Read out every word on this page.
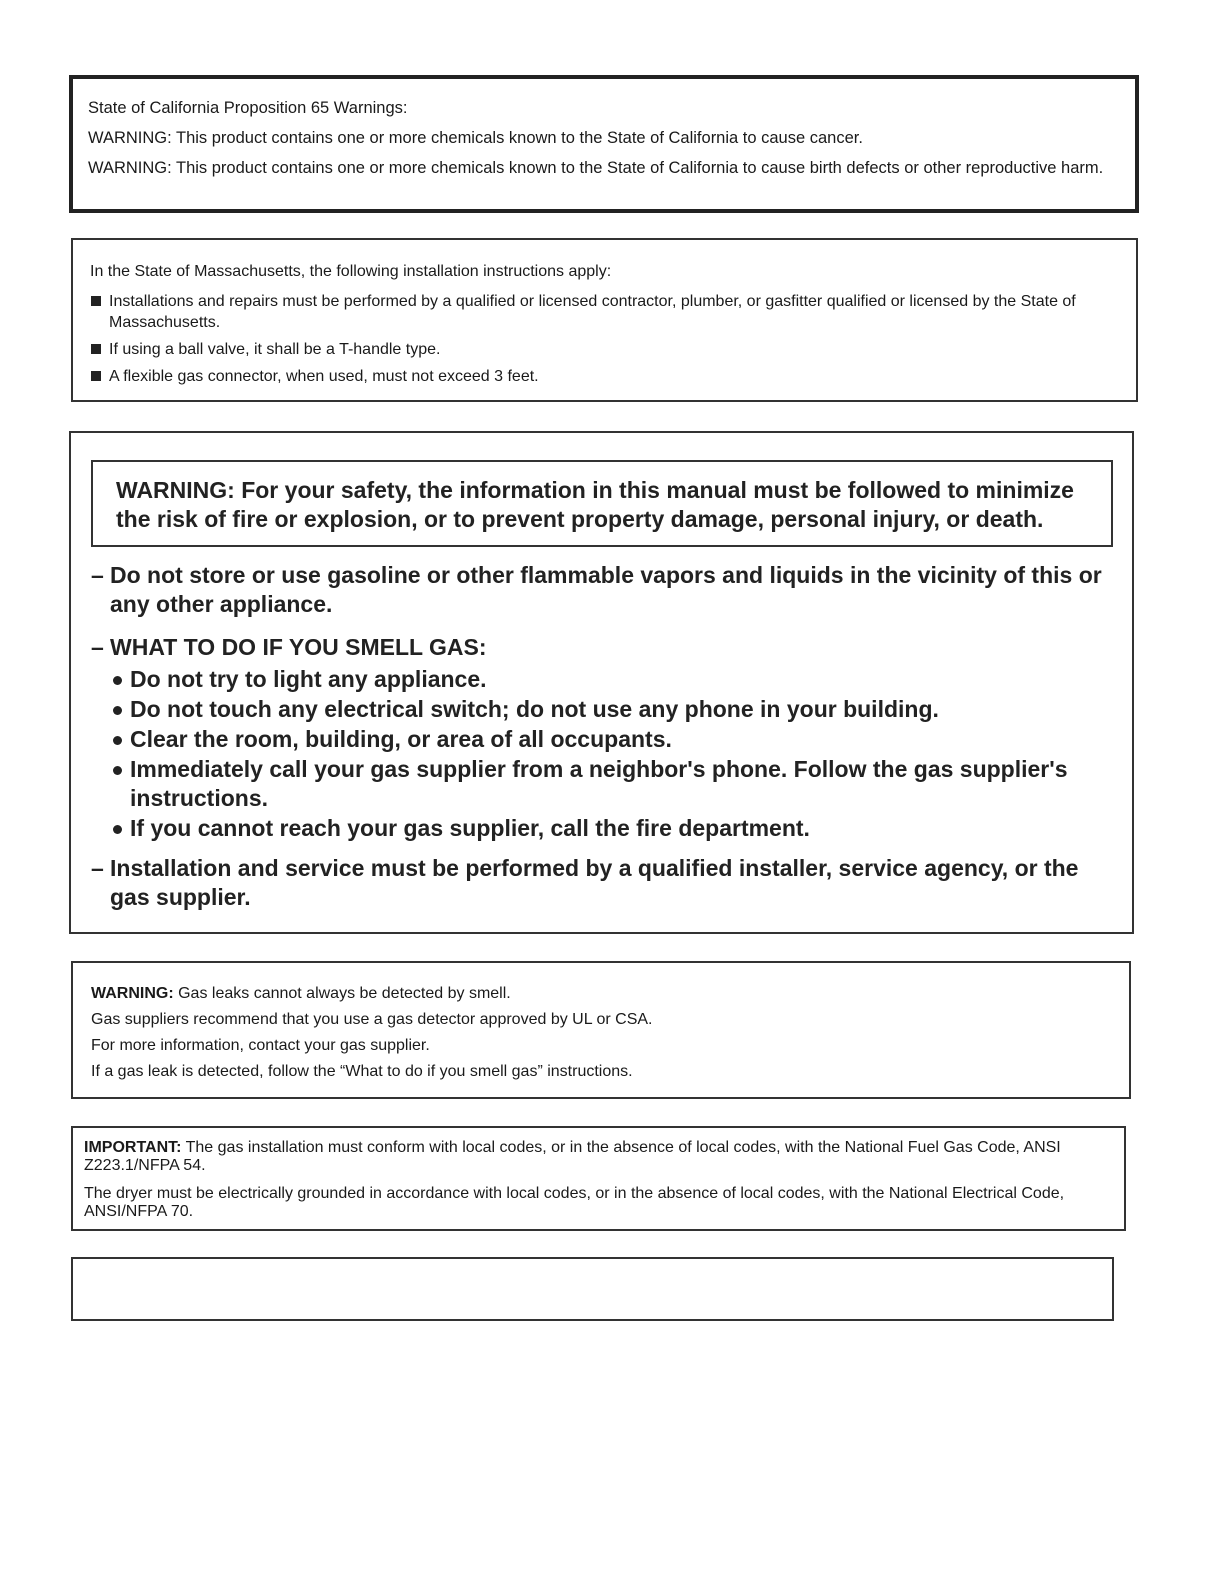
State of California Proposition 65 Warnings:

WARNING: This product contains one or more chemicals known to the State of California to cause cancer.

WARNING: This product contains one or more chemicals known to the State of California to cause birth defects or other reproductive harm.

In the State of Massachusetts, the following installation instructions apply:

Installations and repairs must be performed by a qualified or licensed contractor, plumber, or gasfitter qualified or licensed by the State of Massachusetts.
If using a ball valve, it shall be a T-handle type.
A flexible gas connector, when used, must not exceed 3 feet.

WARNING: For your safety, the information in this manual must be followed to minimize the risk of fire or explosion, or to prevent property damage, personal injury, or death.

– Do not store or use gasoline or other flammable vapors and liquids in the vicinity of this or any other appliance.
– WHAT TO DO IF YOU SMELL GAS:
Do not try to light any appliance.
Do not touch any electrical switch; do not use any phone in your building.
Clear the room, building, or area of all occupants.
Immediately call your gas supplier from a neighbor's phone. Follow the gas supplier's instructions.
If you cannot reach your gas supplier, call the fire department.
– Installation and service must be performed by a qualified installer, service agency, or the gas supplier.

WARNING: Gas leaks cannot always be detected by smell.

Gas suppliers recommend that you use a gas detector approved by UL or CSA.

For more information, contact your gas supplier.

If a gas leak is detected, follow the “What to do if you smell gas” instructions.

IMPORTANT: The gas installation must conform with local codes, or in the absence of local codes, with the National Fuel Gas Code, ANSI Z223.1/NFPA 54.

The dryer must be electrically grounded in accordance with local codes, or in the absence of local codes, with the National Electrical Code, ANSI/NFPA 70.
